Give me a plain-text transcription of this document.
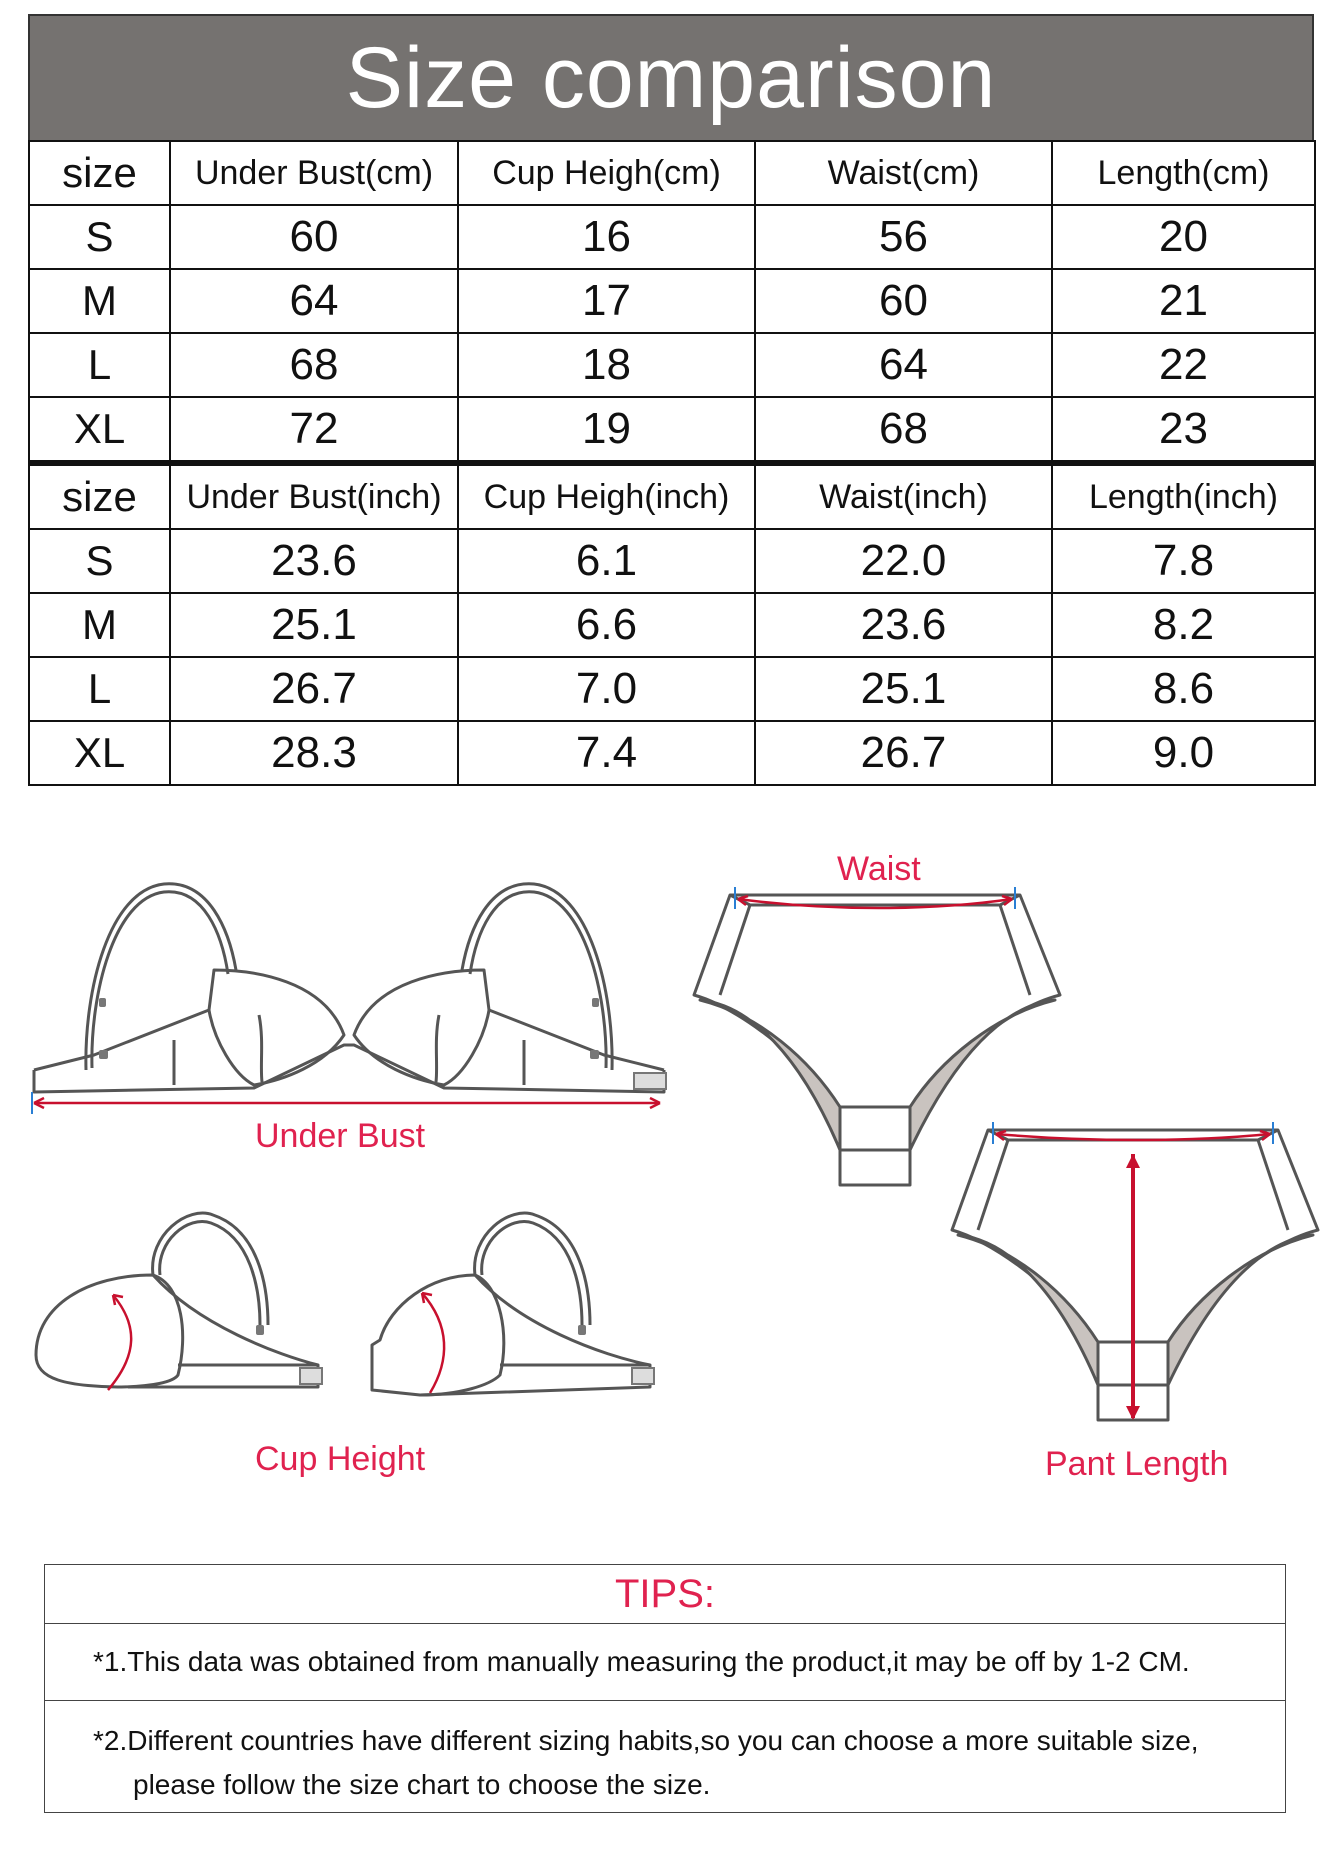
Size comparison
size	Under Bust(cm)	Cup Heigh(cm)	Waist(cm)	Length(cm)
S	60	16	56	20
M	64	17	60	21
L	68	18	64	22
XL	72	19	68	23
size	Under Bust(inch)	Cup Heigh(inch)	Waist(inch)	Length(inch)
S	23.6	6.1	22.0	7.8
M	25.1	6.6	23.6	8.2
L	26.7	7.0	25.1	8.6
XL	28.3	7.4	26.7	9.0
Under Bust
Cup Height
Waist
Pant Length
TIPS:
*1.This data was obtained from manually measuring the product,it may be off by 1-2 CM.
*2.Different countries have different sizing habits,so you can choose a more suitable size,
please follow the size chart to choose the size.
